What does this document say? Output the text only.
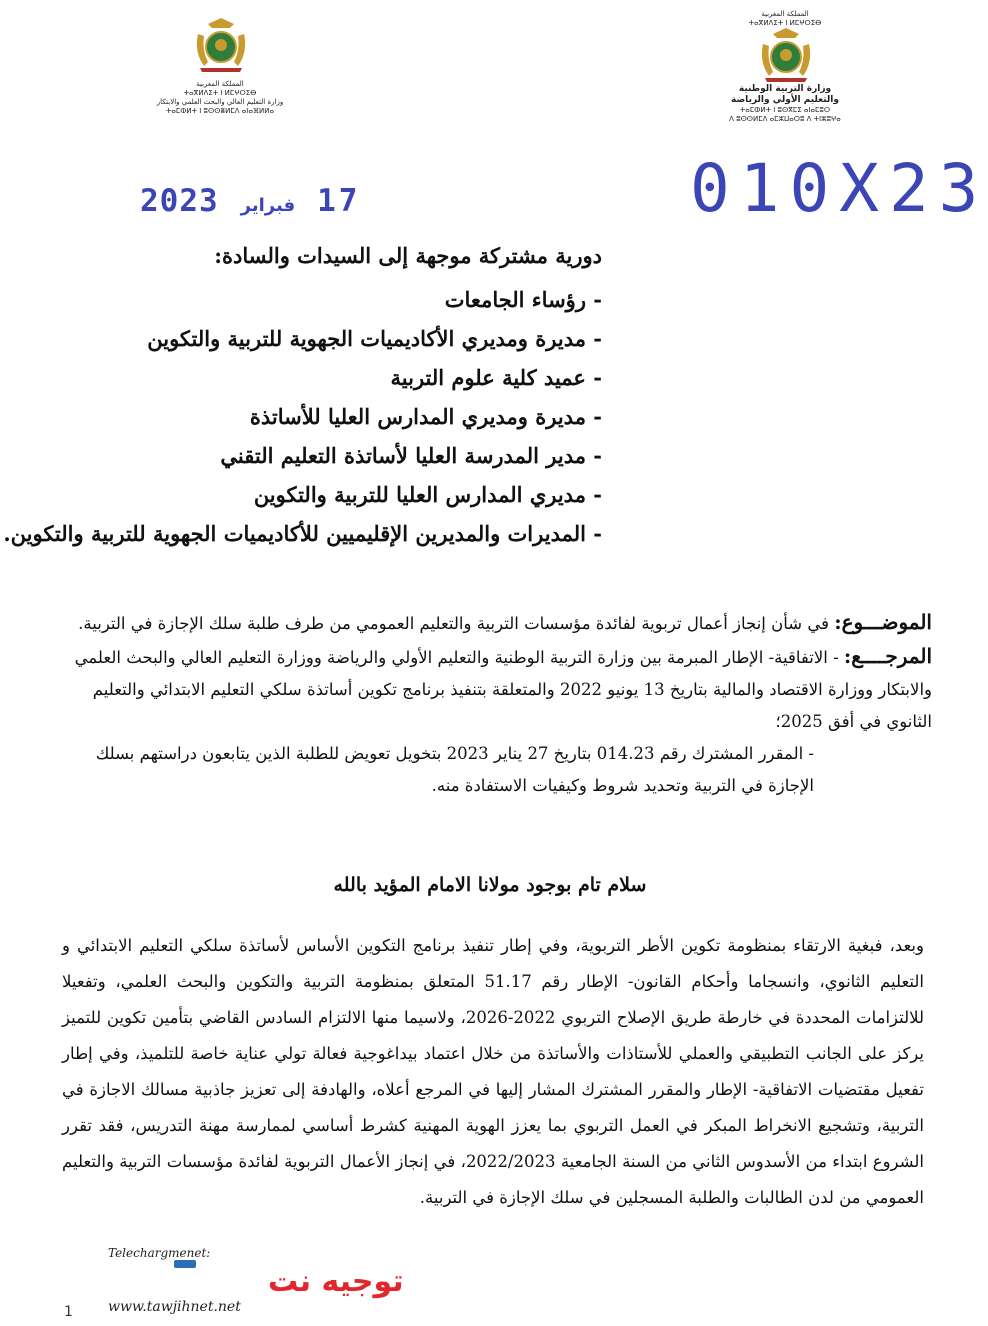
المملكة المغربية
ⵜⴰⴳⵍⴷⵉⵜ ⵏ ⵍⵎⵖⵔⵉⴱ
وزارة التعليم العالي والبحث العلمي والابتكار
ⵜⴰⵎⵀⵍⵜ ⵏ ⵓⵙⵙⴻⵍⵎⴷ ⴰⵏⴰⴼⵍⵍⴰ
المملكة المغربية
ⵜⴰⴳⵍⴷⵉⵜ ⵏ ⵍⵎⵖⵔⵉⴱ
وزارة التربية الوطنية
والتعليم الأولي والرياضة
ⵜⴰⵎⵀⵍⵜ ⵏ ⵓⵙⴳⵎⵉ ⴰⵏⴰⵎⵓⵔ
ⴷ ⵓⵙⵙⵍⵎⴷ ⴰⵎⵣⵡⴰⵔⵓ ⴷ ⵜⵏⵣⵓⵖⴰ
2023 فبراير 17	010X23
دورية مشتركة موجهة إلى السيدات والسادة:
- رؤساء الجامعات
- مديرة ومديري الأكاديميات الجهوية للتربية والتكوين
- عميد كلية علوم التربية
- مديرة ومديري المدارس العليا للأساتذة
- مدير المدرسة العليا لأساتذة التعليم التقني
- مديري المدارس العليا للتربية والتكوين
- المديرات والمديرين الإقليميين للأكاديميات الجهوية للتربية والتكوين.

الموضـــوع: في شأن إنجاز أعمال تربوية لفائدة مؤسسات التربية والتعليم العمومي من طرف طلبة سلك الإجازة في التربية.

المرجــــع: - الاتفاقية- الإطار المبرمة بين وزارة التربية الوطنية والتعليم الأولي والرياضة ووزارة التعليم العالي والبحث العلمي والابتكار ووزارة الاقتصاد والمالية بتاريخ 13 يونيو 2022 والمتعلقة بتنفيذ برنامج تكوين أساتذة سلكي التعليم الابتدائي والتعليم الثانوي في أفق 2025؛

- المقرر المشترك رقم 014.23 بتاريخ 27 يناير 2023 بتخويل تعويض للطلبة الذين يتابعون دراستهم بسلك الإجازة في التربية وتحديد شروط وكيفيات الاستفادة منه.

سلام تام بوجود مولانا الامام المؤيد بالله
وبعد، فبغية الارتقاء بمنظومة تكوين الأطر التربوية، وفي إطار تنفيذ برنامج التكوين الأساس لأساتذة سلكي التعليم الابتدائي و التعليم الثانوي، وانسجاما وأحكام القانون- الإطار رقم 51.17 المتعلق بمنظومة التربية والتكوين والبحث العلمي، وتفعيلا للالتزامات المحددة في خارطة طريق الإصلاح التربوي 2022-2026، ولاسيما منها الالتزام السادس القاضي بتأمين تكوين للتميز يركز على الجانب التطبيقي والعملي للأستاذات والأساتذة من خلال اعتماد بيداغوجية فعالة تولي عناية خاصة للتلميذ، وفي إطار تفعيل مقتضيات الاتفاقية- الإطار والمقرر المشترك المشار إليها في المرجع أعلاه، والهادفة إلى تعزيز جاذبية مسالك الاجازة في التربية، وتشجيع الانخراط المبكر في العمل التربوي بما يعزز الهوية المهنية كشرط أساسي لممارسة مهنة التدريس، فقد تقرر الشروع ابتداء من الأسدوس الثاني من السنة الجامعية 2022/2023، في إنجاز الأعمال التربوية لفائدة مؤسسات التربية والتعليم العمومي من لدن الطالبات والطلبة المسجلين في سلك الإجازة في التربية.
Telechargmenet:
توجيه نت
www.tawjihnet.net
1
